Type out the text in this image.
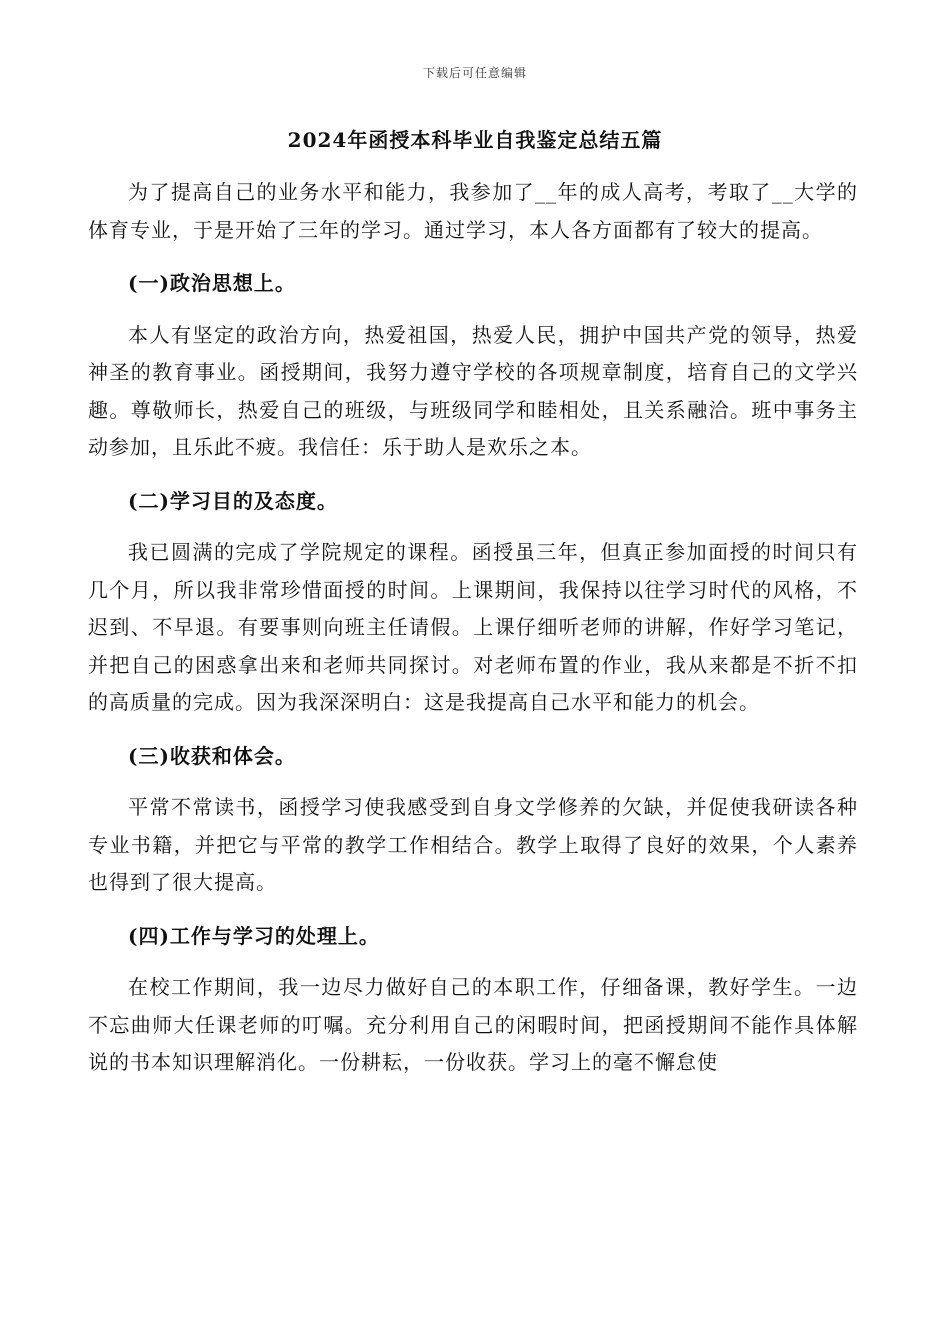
下载后可任意编辑
2024年函授本科毕业自我鉴定总结五篇

为了提高自己的业务水平和能力，我参加了__年的成人高考，考取了__大学的体育专业，于是开始了三年的学习。通过学习，本人各方面都有了较大的提高。

(一)政治思想上。

本人有坚定的政治方向，热爱祖国，热爱人民，拥护中国共产党的领导，热爱神圣的教育事业。函授期间，我努力遵守学校的各项规章制度，培育自己的文学兴趣。尊敬师长，热爱自己的班级，与班级同学和睦相处，且关系融洽。班中事务主动参加，且乐此不疲。我信任：乐于助人是欢乐之本。

(二)学习目的及态度。

我已圆满的完成了学院规定的课程。函授虽三年，但真正参加面授的时间只有几个月，所以我非常珍惜面授的时间。上课期间，我保持以往学习时代的风格，不迟到、不早退。有要事则向班主任请假。上课仔细听老师的讲解，作好学习笔记，并把自己的困惑拿出来和老师共同探讨。对老师布置的作业，我从来都是不折不扣的高质量的完成。因为我深深明白：这是我提高自己水平和能力的机会。

(三)收获和体会。

平常不常读书，函授学习使我感受到自身文学修养的欠缺，并促使我研读各种专业书籍，并把它与平常的教学工作相结合。教学上取得了良好的效果，个人素养也得到了很大提高。

(四)工作与学习的处理上。

在校工作期间，我一边尽力做好自己的本职工作，仔细备课，教好学生。一边不忘曲师大任课老师的叮嘱。充分利用自己的闲暇时间，把函授期间不能作具体解说的书本知识理解消化。一份耕耘，一份收获。学习上的毫不懈怠使
